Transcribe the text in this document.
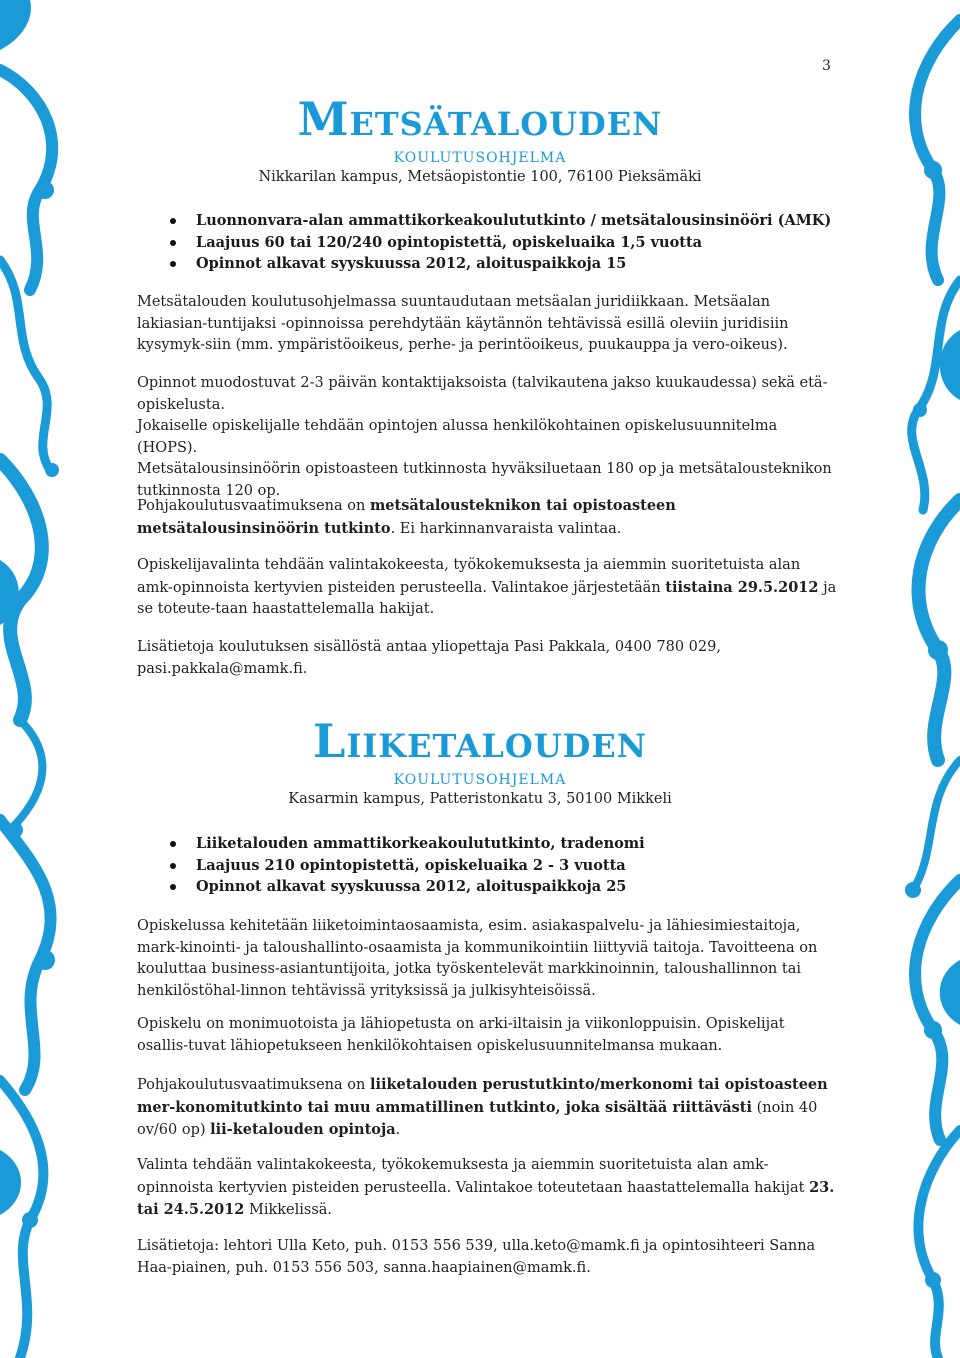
3
Metsätalouden
koulutusohjelma
Nikkarilan kampus, Metsäopistontie 100, 76100 Pieksämäki
Luonnonvara-alan ammattikorkeakoulututkinto / metsätalousinsinööri (AMK)
Laajuus 60 tai 120/240 opintopistettä, opiskeluaika 1,5 vuotta
Opinnot alkavat syyskuussa 2012, aloituspaikkoja 15
Metsätalouden koulutusohjelmassa suuntaudutaan metsäalan juridiikkaan. Metsäalan lakiasian-tuntijaksi -opinnoissa perehdytään käytännön tehtävissä esillä oleviin juridisiin kysymyk-siin (mm. ympäristöoikeus, perhe- ja perintöoikeus, puukauppa ja vero-oikeus).
Opinnot muodostuvat 2-3 päivän kontaktijaksoista (talvikautena jakso kuukaudessa) sekä etä-opiskelusta.
Jokaiselle opiskelijalle tehdään opintojen alussa henkilökohtainen opiskelusuunnitelma (HOPS).
Metsätalousinsinöörin opistoasteen tutkinnosta hyväksiluetaan 180 op ja metsätalousteknikon tutkinnosta 120 op.
Pohjakoulutusvaatimuksena on metsätalousteknikon tai opistoasteen metsätalousinsinöörin tutkinto. Ei harkinnanvaraista valintaa.
Opiskelijavalinta tehdään valintakokeesta, työkokemuksesta ja aiemmin suoritetuista alan amk-opinnoista kertyvien pisteiden perusteella. Valintakoe järjestetään tiistaina 29.5.2012 ja se toteute-taan haastattelemalla hakijat.
Lisätietoja koulutuksen sisällöstä antaa yliopettaja Pasi Pakkala, 0400 780 029, pasi.pakkala@mamk.fi.
Liiketalouden
koulutusohjelma
Kasarmin kampus, Patteristonkatu 3, 50100 Mikkeli
Liiketalouden ammattikorkeakoulututkinto, tradenomi
Laajuus 210 opintopistettä, opiskeluaika 2 - 3 vuotta
Opinnot alkavat syyskuussa 2012, aloituspaikkoja 25
Opiskelussa kehitetään liiketoimintaosaamista, esim. asiakaspalvelu- ja lähiesimiestaitoja, mark-kinointi- ja taloushallinto-osaamista ja kommunikointiin liittyviä taitoja. Tavoitteena on kouluttaa business-asiantuntijoita, jotka työskentelevät markkinoinnin, taloushallinnon tai henkilöstöhal-linnon tehtävissä yrityksissä ja julkisyhteisöissä.
Opiskelu on monimuotoista ja lähiopetusta on arki-iltaisin ja viikonloppuisin. Opiskelijat osallis-tuvat lähiopetukseen henkilökohtaisen opiskelusuunnitelmansa mukaan.
Pohjakoulutusvaatimuksena on liiketalouden perustutkinto/merkonomi tai opistoasteen mer-konomitutkinto tai muu ammatillinen tutkinto, joka sisältää riittävästi (noin 40 ov/60 op) lii-ketalouden opintoja.
Valinta tehdään valintakokeesta, työkokemuksesta ja aiemmin suoritetuista alan amk-opinnoista kertyvien pisteiden perusteella. Valintakoe toteutetaan haastattelemalla hakijat 23. tai 24.5.2012 Mikkelissä.
Lisätietoja: lehtori Ulla Keto, puh. 0153 556 539, ulla.keto@mamk.fi ja opintosihteeri Sanna Haa-piainen, puh. 0153 556 503, sanna.haapiainen@mamk.fi.
